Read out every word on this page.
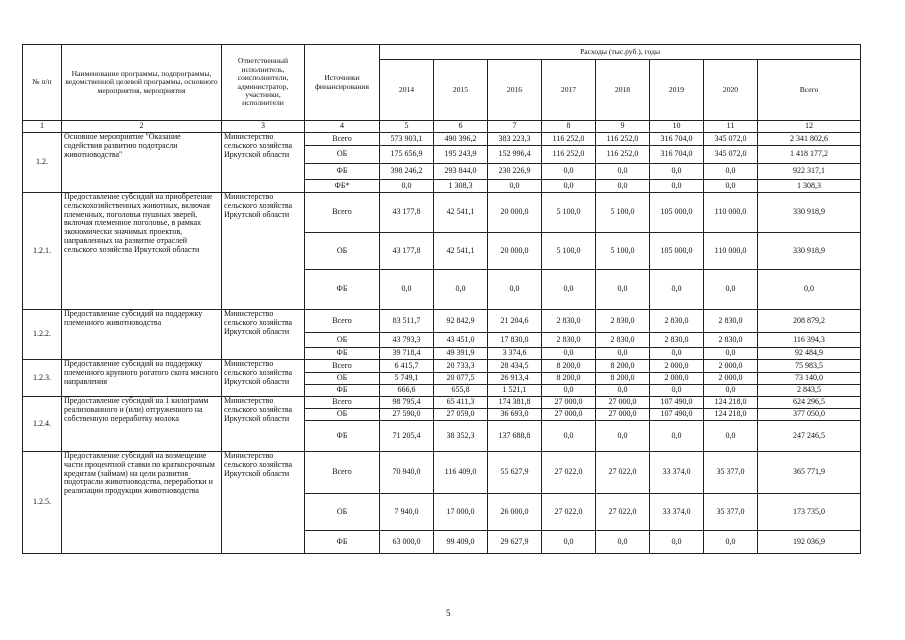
№ п/п	Наименование программы, подпрограммы, ведомственной целевой программы, основного мероприятия, мероприятия	Ответственный исполнитель, соисполнители, администратор, участники, исполнители	Источники финансирования	Расходы (тыс.руб.), годы							
				2014	2015	2016	2017	2018	2019	2020	Всего
1	2	3	4	5	6	7	8	9	10	11	12
1.2.	Основное мероприятие "Оказание содействия развитию подотрасли животноводства"	Министерство сельского хозяйства Иркутской области	Всего	573 903,1	490 396,2	383 223,3	116 252,0	116 252,0	316 704,0	345 072,0	2 341 802,6
			ОБ	175 656,9	195 243,9	152 996,4	116 252,0	116 252,0	316 704,0	345 072,0	1 418 177,2
			ФБ	398 246,2	293 844,0	230 226,9	0,0	0,0	0,0	0,0	922 317,1
			ФБ*	0,0	1 308,3	0,0	0,0	0,0	0,0	0,0	1 308,3
1.2.1.	Предоставление субсидий на приобретение сельскохозяйственных животных, включая племенных, поголовья пушных зверей, включая племенное поголовье, в рамках экономически значимых проектов, направленных на развитие отраслей сельского хозяйства Иркутской области	Министерство сельского хозяйства Иркутской области	Всего	43 177,8	42 541,1	20 000,0	5 100,0	5 100,0	105 000,0	110 000,0	330 918,9
			ОБ	43 177,8	42 541,1	20 000,0	5 100,0	5 100,0	105 000,0	110 000,0	330 918,9
			ФБ	0,0	0,0	0,0	0,0	0,0	0,0	0,0	0,0
1.2.2.	Предоставление субсидий на поддержку племенного животноводства	Министерство сельского хозяйства Иркутской области	Всего	83 511,7	92 842,9	21 204,6	2 830,0	2 830,0	2 830,0	2 830,0	208 879,2
			ОБ	43 793,3	43 451,0	17 830,0	2 830,0	2 830,0	2 830,0	2 830,0	116 394,3
			ФБ	39 718,4	49 391,9	3 374,6	0,0	0,0	0,0	0,0	92 484,9
1.2.3.	Предоставление субсидий на поддержку племенного крупного рогатого скота мясного направления	Министерство сельского хозяйства Иркутской области	Всего	6 415,7	20 733,3	28 434,5	8 200,0	8 200,0	2 000,0	2 000,0	75 983,5
			ОБ	5 749,1	20 077,5	26 913,4	8 200,0	8 200,0	2 000,0	2 000,0	73 140,0
			ФБ	666,6	655,8	1 521,1	0,0	0,0	0,0	0,0	2 843,5
1.2.4.	Предоставление субсидий на 1 килограмм реализованного и (или) отгруженного на собственную переработку молока	Министерство сельского хозяйства Иркутской области	Всего	98 795,4	65 411,3	174 381,8	27 000,0	27 000,0	107 490,0	124 218,0	624 296,5
			ОБ	27 590,0	27 059,0	36 693,0	27 000,0	27 000,0	107 490,0	124 218,0	377 050,0
			ФБ	71 205,4	38 352,3	137 688,8	0,0	0,0	0,0	0,0	247 246,5
1.2.5.	Предоставление субсидий на возмещение части процентной ставки по краткосрочным кредитам (займам) на цели развития подотрасли животноводства, переработки и реализации продукции животноводства	Министерство сельского хозяйства Иркутской области	Всего	70 940,0	116 409,0	55 627,9	27 022,0	27 022,0	33 374,0	35 377,0	365 771,9
			ОБ	7 940,0	17 000,0	26 000,0	27 022,0	27 022,0	33 374,0	35 377,0	173 735,0
			ФБ	63 000,0	99 409,0	29 627,9	0,0	0,0	0,0	0,0	192 036,9
5
